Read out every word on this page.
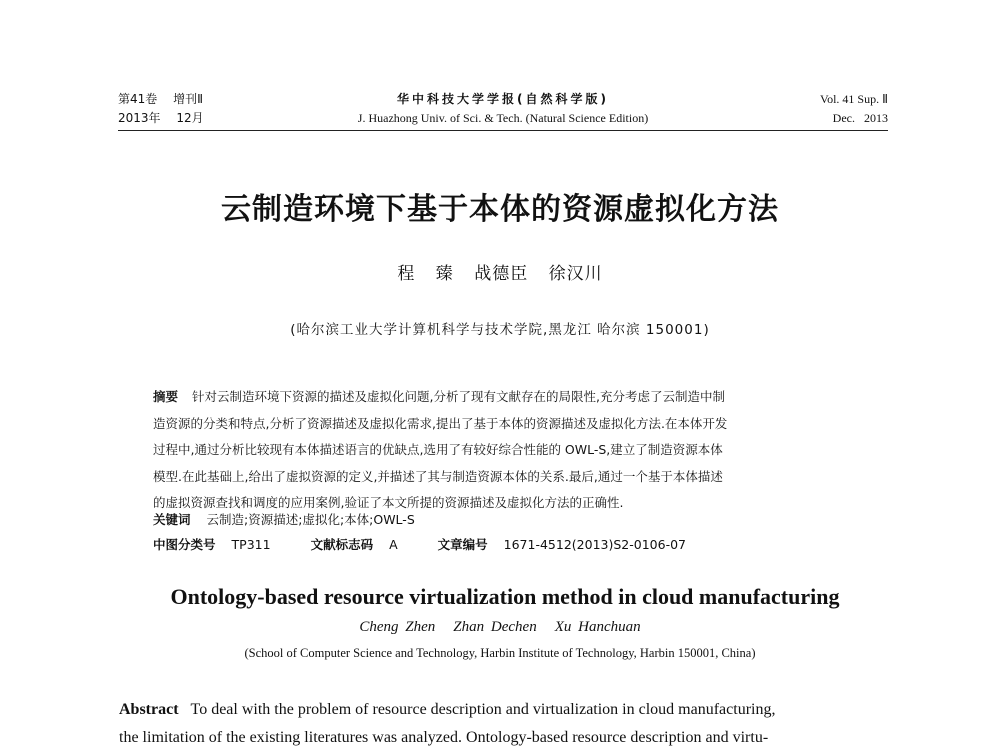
第41卷 增刊Ⅱ
2013年 12月
华中科技大学学报(自然科学版)
J. Huazhong Univ. of Sci. & Tech. (Natural Science Edition)
Vol. 41 Sup. Ⅱ
Dec.   2013
云制造环境下基于本体的资源虚拟化方法
程 臻 战德臣 徐汉川
(哈尔滨工业大学计算机科学与技术学院,黑龙江 哈尔滨 150001)
摘要 针对云制造环境下资源的描述及虚拟化问题,分析了现有文献存在的局限性,充分考虑了云制造中制
造资源的分类和特点,分析了资源描述及虚拟化需求,提出了基于本体的资源描述及虚拟化方法.在本体开发
过程中,通过分析比较现有本体描述语言的优缺点,选用了有较好综合性能的 OWL-S,建立了制造资源本体
模型.在此基础上,给出了虚拟资源的定义,并描述了其与制造资源本体的关系.最后,通过一个基于本体描述
的虚拟资源查找和调度的应用案例,验证了本文所提的资源描述及虚拟化方法的正确性.
关键词 云制造;资源描述;虚拟化;本体;OWL-S
中图分类号 TP311	文献标志码 A	文章编号 1671-4512(2013)S2-0106-07
Ontology-based resource virtualization method in cloud manufacturing
Cheng Zhen Zhan Dechen Xu Hanchuan
(School of Computer Science and Technology, Harbin Institute of Technology, Harbin 150001, China)
Abstract To deal with the problem of resource description and virtualization in cloud manufacturing,
the limitation of the existing literatures was analyzed. Ontology-based resource description and virtu-
